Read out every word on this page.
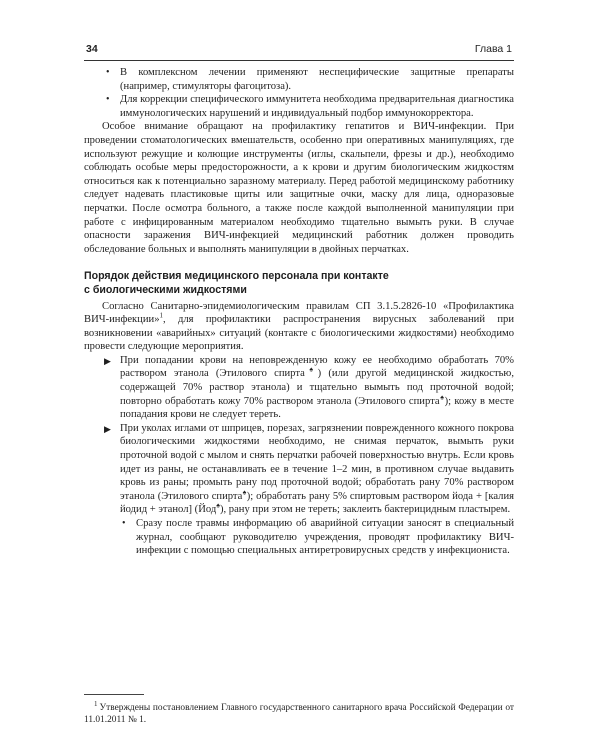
34	Глава 1
• В комплексном лечении применяют неспецифические защитные препараты (например, стимуляторы фагоцитоза).
• Для коррекции специфического иммунитета необходима предварительная диагностика иммунологических нарушений и индивидуальный подбор иммунокорректора.

Особое внимание обращают на профилактику гепатитов и ВИЧ-инфекции. При проведении стоматологических вмешательств, особенно при оперативных манипуляциях, где используют режущие и колющие инструменты (иглы, скальпели, фрезы и др.), необходимо соблюдать особые меры предосторожности, а к крови и другим биологическим жидкостям относиться как к потенциально заразному материалу. Перед работой медицинскому работнику следует надевать пластиковые щиты или защитные очки, маску для лица, одноразовые перчатки. После осмотра больного, а также после каждой выполненной манипуляции при работе с инфицированным материалом необходимо тщательно вымыть руки. В случае опасности заражения ВИЧ-инфекцией медицинский работник должен проводить обследование больных и выполнять манипуляции в двойных перчатках.

Порядок действия медицинского персонала при контакте
с биологическими жидкостями

Согласно Санитарно-эпидемиологическим правилам СП 3.1.5.2826-10 «Профилактика ВИЧ-инфекции»$^1$, для профилактики распространения вирусных заболеваний при возникновении «аварийных» ситуаций (контакте с биологическими жидкостями) необходимо провести следующие мероприятия.

▶ При попадании крови на неповрежденную кожу ее необходимо обработать 70% раствором этанола (Этилового спирта♠) (или другой медицинской жидкостью, содержащей 70% раствор этанола) и тщательно вымыть под проточной водой; повторно обработать кожу 70% раствором этанола (Этилового спирта♠); кожу в месте попадания крови не следует тереть.
▶ При уколах иглами от шприцев, порезах, загрязнении поврежденного кожного покрова биологическими жидкостями необходимо, не снимая перчаток, вымыть руки проточной водой с мылом и снять перчатки рабочей поверхностью внутрь. Если кровь идет из раны, не останавливать ее в течение 1–2 мин, в противном случае выдавить кровь из раны; промыть рану под проточной водой; обработать рану 70% раствором этанола (Этилового спирта♠); обработать рану 5% спиртовым раствором йода + [калия йодид + этанол] (Йод♠), рану при этом не тереть; заклеить бактерицидным пластырем.
• Сразу после травмы информацию об аварийной ситуации заносят в специальный журнал, сообщают руководителю учреждения, проводят профилактику ВИЧ-инфекции с помощью специальных антиретровирусных средств у инфекциониста.
$^1$ Утверждены постановлением Главного государственного санитарного врача Российской Федерации от 11.01.2011 № 1.
